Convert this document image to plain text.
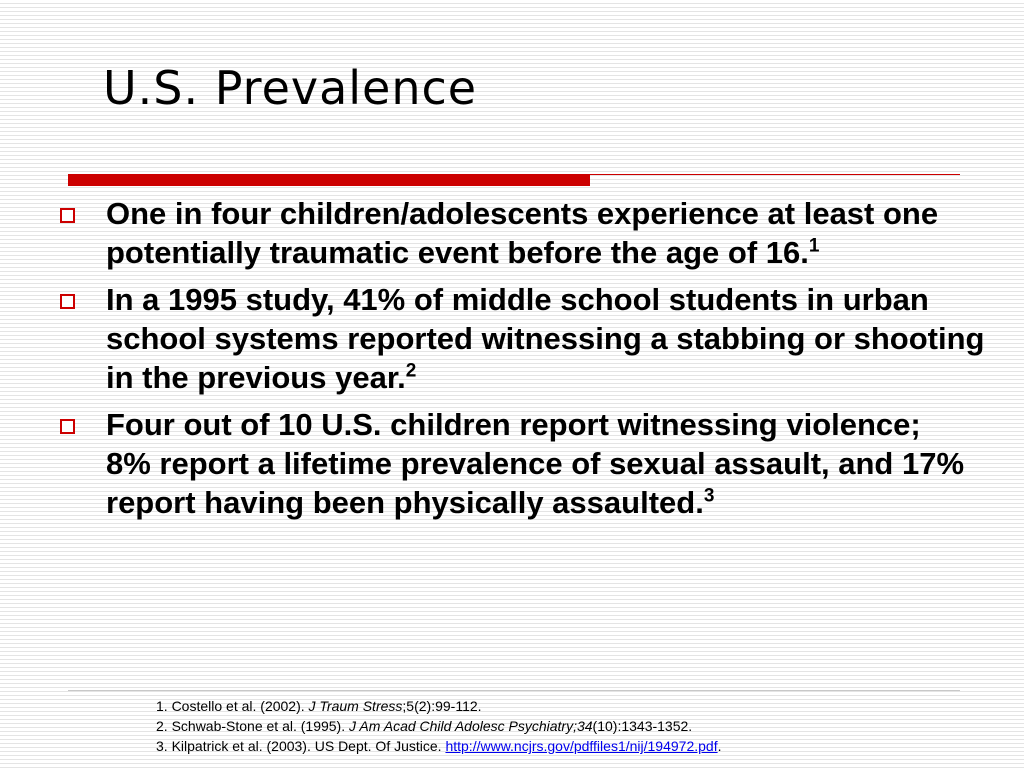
U.S. Prevalence
One in four children/adolescents experience at least one potentially traumatic event before the age of 16.$^1$
In a 1995 study, 41% of middle school students in urban school systems reported witnessing a stabbing or shooting in the previous year.$^2$
Four out of 10 U.S. children report witnessing violence;
8% report a lifetime prevalence of sexual assault, and 17% report having been physically assaulted.$^3$
1. Costello et al. (2002). J Traum Stress;5(2):99-112.
2. Schwab-Stone et al. (1995). J Am Acad Child Adolesc Psychiatry;34(10):1343-1352.
3. Kilpatrick et al. (2003). US Dept. Of Justice. http://www.ncjrs.gov/pdffiles1/nij/194972.pdf.
